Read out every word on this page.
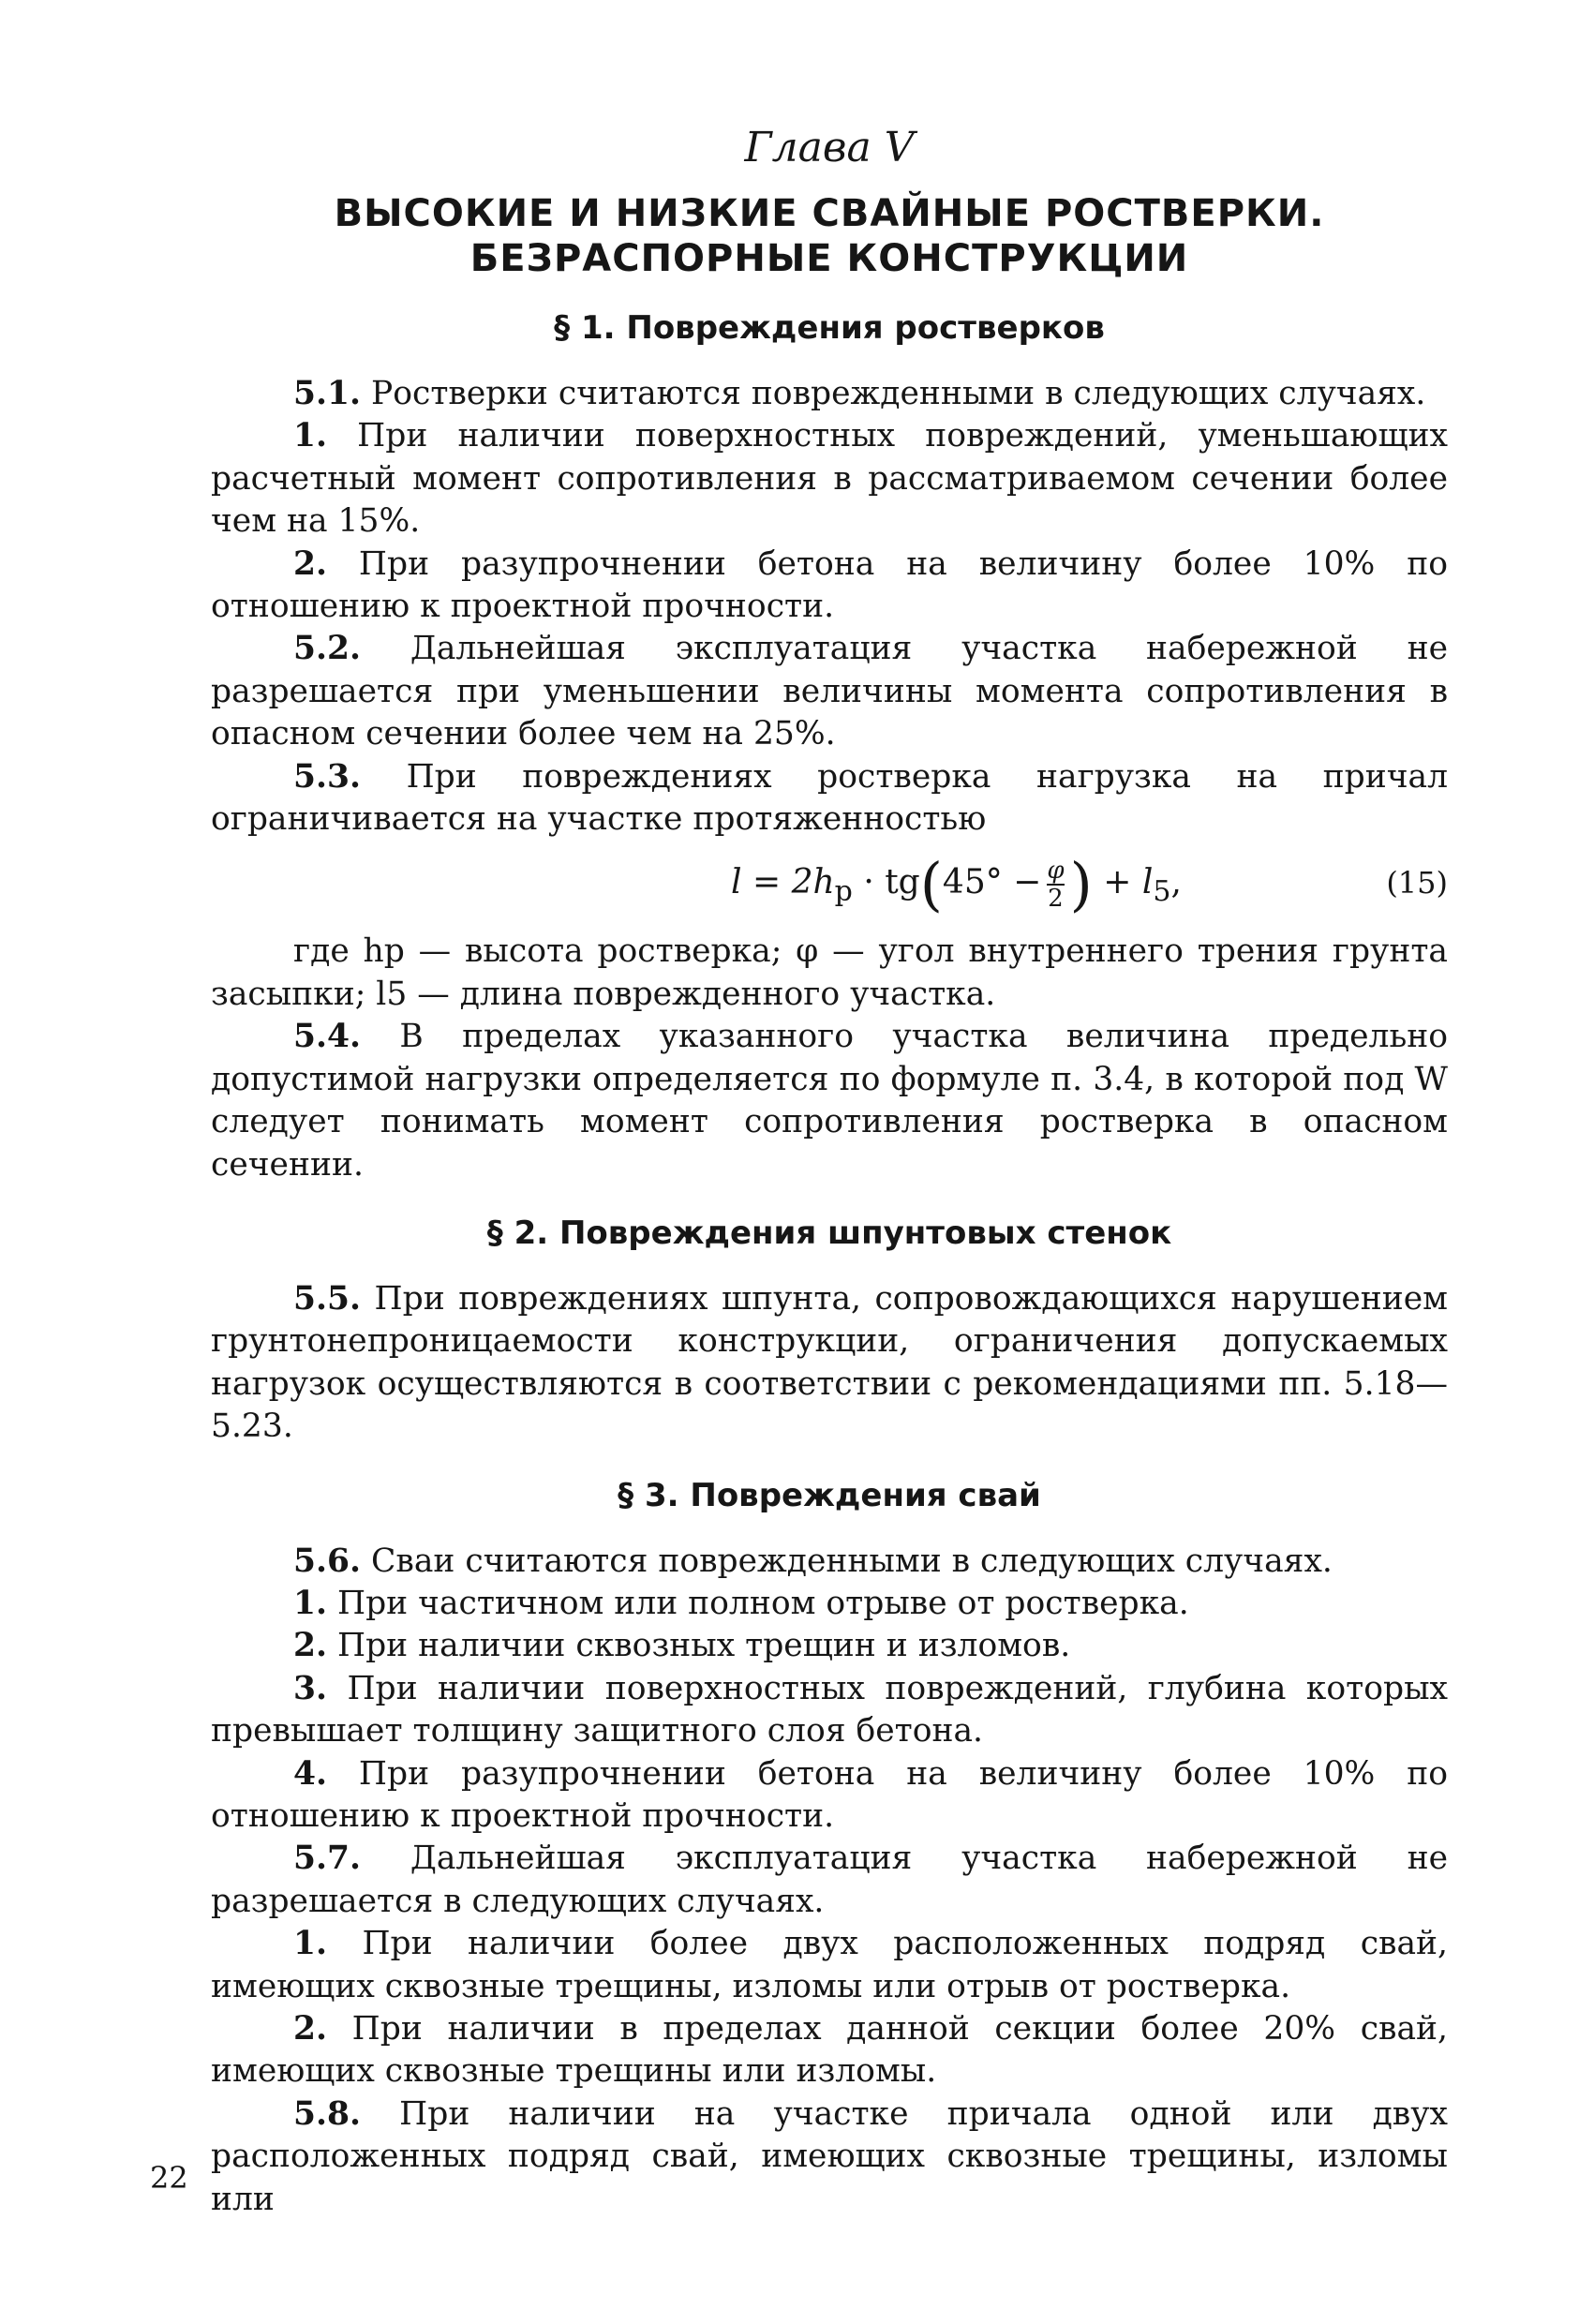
Глава V
ВЫСОКИЕ И НИЗКИЕ СВАЙНЫЕ РОСТВЕРКИ.
БЕЗРАСПОРНЫЕ КОНСТРУКЦИИ
§ 1. Повреждения ростверков

5.1. Ростверки считаются поврежденными в следующих случаях.

1. При наличии поверхностных повреждений, уменьшающих расчетный момент сопротивления в рассматриваемом сечении более чем на 15%.

2. При разупрочнении бетона на величину более 10% по отношению к проектной прочности.

5.2. Дальнейшая эксплуатация участка набережной не разрешается при уменьшении величины момента сопротивления в опасном сечении более чем на 25%.

5.3. При повреждениях ростверка нагрузка на причал ограничивается на участке протяженностью

$l = 2h_р \cdot tg(45^\circ - \frac{\varphi}{2}$ ) + $l_5$,	(15)

где hр — высота ростверка; φ — угол внутреннего трения грунта засыпки; l5 — длина поврежденного участка.

5.4. В пределах указанного участка величина предельно допустимой нагрузки определяется по формуле п. 3.4, в которой под W следует понимать момент сопротивления ростверка в опасном сечении.

§ 2. Повреждения шпунтовых стенок

5.5. При повреждениях шпунта, сопровождающихся нарушением грунтонепроницаемости конструкции, ограничения допускаемых нагрузок осуществляются в соответствии с рекомендациями пп. 5.18—5.23.

§ 3. Повреждения свай

5.6. Сваи считаются поврежденными в следующих случаях.

1. При частичном или полном отрыве от ростверка.

2. При наличии сквозных трещин и изломов.

3. При наличии поверхностных повреждений, глубина которых превышает толщину защитного слоя бетона.

4. При разупрочнении бетона на величину более 10% по отношению к проектной прочности.

5.7. Дальнейшая эксплуатация участка набережной не разрешается в следующих случаях.

1. При наличии более двух расположенных подряд свай, имеющих сквозные трещины, изломы или отрыв от ростверка.

2. При наличии в пределах данной секции более 20% свай, имеющих сквозные трещины или изломы.

5.8. При наличии на участке причала одной или двух расположенных подряд свай, имеющих сквозные трещины, изломы или

22
